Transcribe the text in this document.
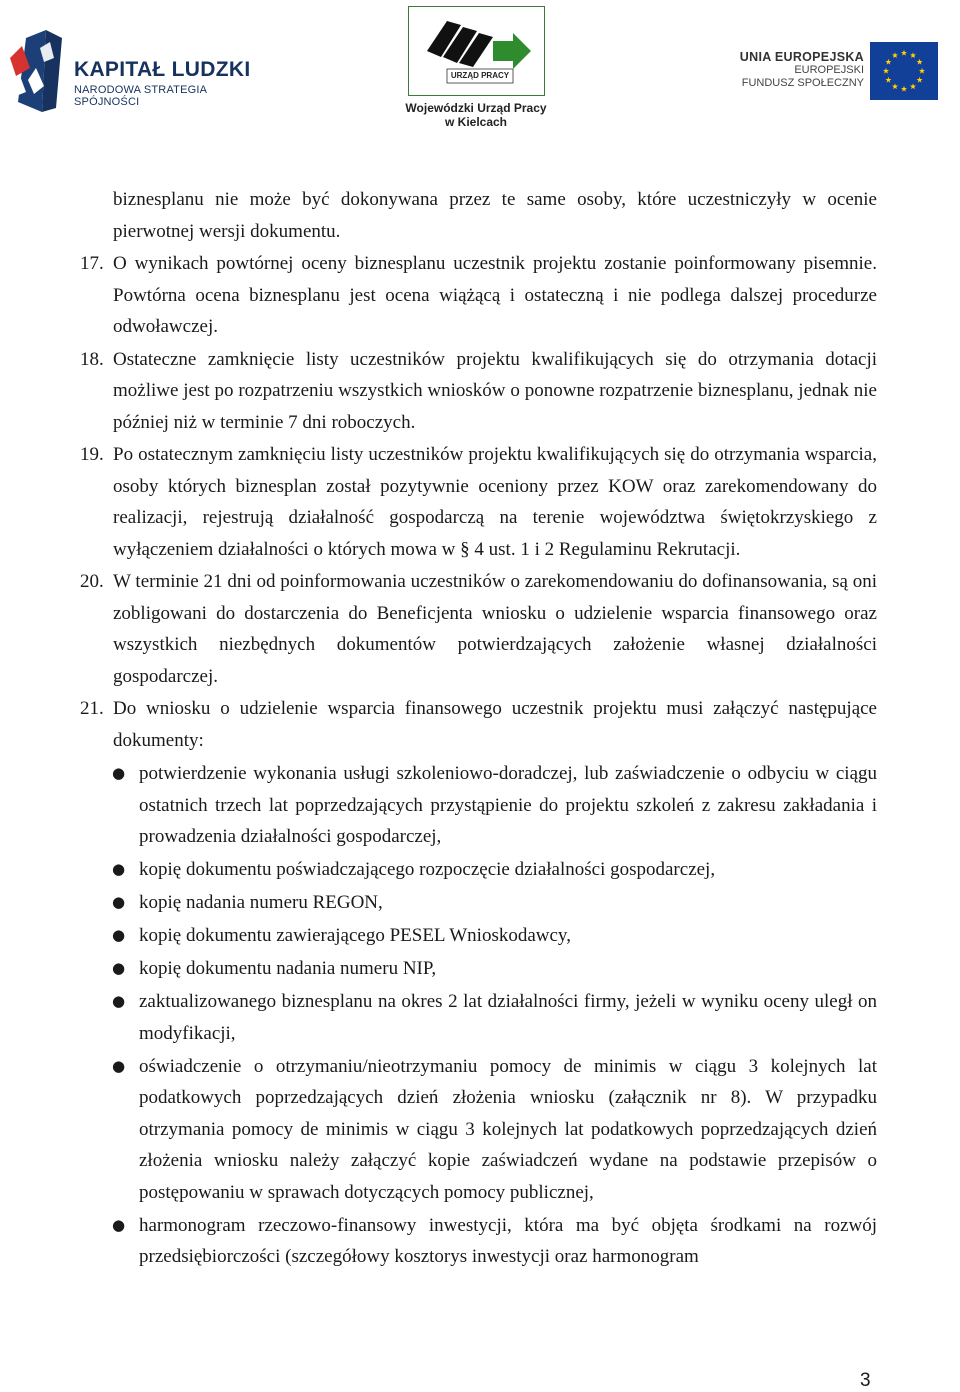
KAPITAŁ LUDZKI
NARODOWA STRATEGIA SPÓJNOŚCI
URZĄD PRACY
Wojewódzki Urząd Pracy
w Kielcach
UNIA EUROPEJSKA
EUROPEJSKI
FUNDUSZ SPOŁECZNY
biznesplanu nie może być dokonywana przez te same osoby, które uczestniczyły w ocenie pierwotnej wersji dokumentu.
17. O wynikach powtórnej oceny biznesplanu uczestnik projektu zostanie poinformowany pisemnie. Powtórna ocena biznesplanu jest ocena wiążącą i ostateczną i nie podlega dalszej procedurze odwoławczej.
18. Ostateczne zamknięcie listy uczestników projektu kwalifikujących się do otrzymania dotacji możliwe jest po rozpatrzeniu wszystkich wniosków o ponowne rozpatrzenie biznesplanu, jednak nie później niż w terminie 7 dni roboczych.
19. Po ostatecznym zamknięciu listy uczestników projektu kwalifikujących się do otrzymania wsparcia, osoby których biznesplan został pozytywnie oceniony przez KOW oraz zarekomendowany do realizacji, rejestrują działalność gospodarczą na terenie województwa świętokrzyskiego z wyłączeniem działalności o których mowa w § 4 ust. 1 i 2 Regulaminu Rekrutacji.
20. W terminie 21 dni od poinformowania uczestników o zarekomendowaniu do dofinansowania, są oni zobligowani do dostarczenia do Beneficjenta wniosku o udzielenie wsparcia finansowego oraz wszystkich niezbędnych dokumentów potwierdzających założenie własnej działalności gospodarczej.
21. Do wniosku o udzielenie wsparcia finansowego uczestnik projektu musi załączyć następujące dokumenty:
● potwierdzenie wykonania usługi szkoleniowo-doradczej, lub zaświadczenie o odbyciu w ciągu ostatnich trzech lat poprzedzających przystąpienie do projektu szkoleń z zakresu zakładania i prowadzenia działalności gospodarczej,
● kopię dokumentu poświadczającego rozpoczęcie działalności gospodarczej,
● kopię nadania numeru REGON,
● kopię dokumentu zawierającego PESEL Wnioskodawcy,
● kopię dokumentu nadania numeru NIP,
● zaktualizowanego biznesplanu na okres 2 lat działalności firmy, jeżeli w wyniku oceny uległ on modyfikacji,
● oświadczenie o otrzymaniu/nieotrzymaniu pomocy de minimis w ciągu 3 kolejnych lat podatkowych poprzedzających dzień złożenia wniosku (załącznik nr 8). W przypadku otrzymania pomocy de minimis w ciągu 3 kolejnych lat podatkowych poprzedzających dzień złożenia wniosku należy załączyć kopie zaświadczeń wydane na podstawie przepisów o postępowaniu w sprawach dotyczących pomocy publicznej,
● harmonogram rzeczowo-finansowy inwestycji, która ma być objęta środkami na rozwój przedsiębiorczości (szczegółowy kosztorys inwestycji oraz harmonogram
3
